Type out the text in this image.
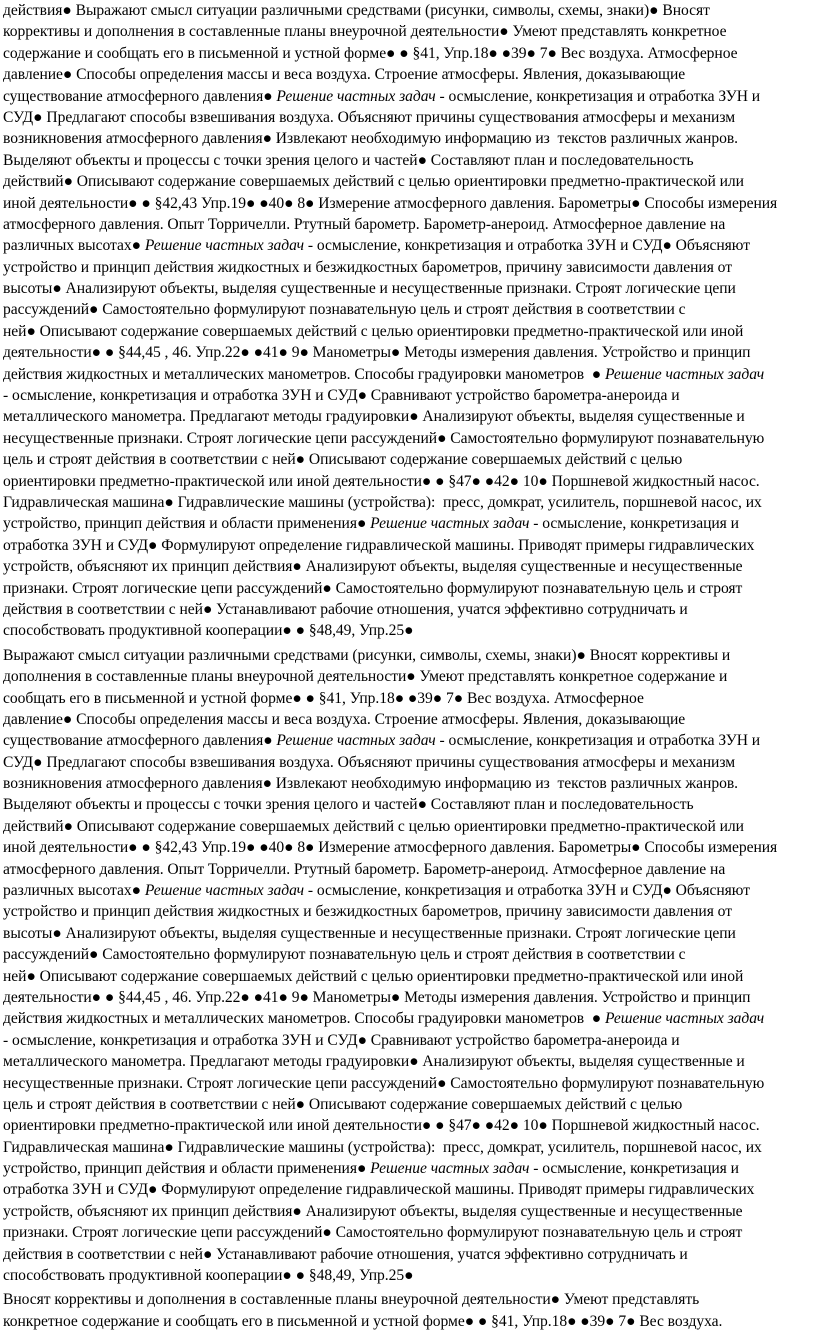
действия● Выражают смысл ситуации различными средствами (рисунки, символы, схемы, знаки)● Вносят
коррективы и дополнения в составленные планы внеурочной деятельности● Умеют представлять конкретное
содержание и сообщать его в письменной и устной форме● ● §41, Упр.18● ●39● 7● Вес воздуха. Атмосферное
давление● Способы определения массы и веса воздуха. Строение атмосферы. Явления, доказывающие
существование атмосферного давления● Решение частных задач - осмысление, конкретизация и отработка ЗУН и
СУД● Предлагают способы взвешивания воздуха. Объясняют причины существования атмосферы и механизм
возникновения атмосферного давления● Извлекают необходимую информацию из  текстов различных жанров.
Выделяют объекты и процессы с точки зрения целого и частей● Составляют план и последовательность
действий● Описывают содержание совершаемых действий с целью ориентировки предметно-практической или
иной деятельности● ● §42,43 Упр.19● ●40● 8● Измерение атмосферного давления. Барометры● Способы измерения
атмосферного давления. Опыт Торричелли. Ртутный барометр. Барометр-анероид. Атмосферное давление на
различных высотах● Решение частных задач - осмысление, конкретизация и отработка ЗУН и СУД● Объясняют
устройство и принцип действия жидкостных и безжидкостных барометров, причину зависимости давления от
высоты● Анализируют объекты, выделяя существенные и несущественные признаки. Строят логические цепи
рассуждений● Самостоятельно формулируют познавательную цель и строят действия в соответствии с
ней● Описывают содержание совершаемых действий с целью ориентировки предметно-практической или иной
деятельности● ● §44,45 , 46. Упр.22● ●41● 9● Манометры● Методы измерения давления. Устройство и принцип
действия жидкостных и металлических манометров. Способы градуировки манометров  ● Решение частных задач
- осмысление, конкретизация и отработка ЗУН и СУД● Сравнивают устройство барометра-анероида и
металлического манометра. Предлагают методы градуировки● Анализируют объекты, выделяя существенные и
несущественные признаки. Строят логические цепи рассуждений● Самостоятельно формулируют познавательную
цель и строят действия в соответствии с ней● Описывают содержание совершаемых действий с целью
ориентировки предметно-практической или иной деятельности● ● §47● ●42● 10● Поршневой жидкостный насос.
Гидравлическая машина● Гидравлические машины (устройства):  пресс, домкрат, усилитель, поршневой насос, их
устройство, принцип действия и области применения● Решение частных задач - осмысление, конкретизация и
отработка ЗУН и СУД● Формулируют определение гидравлической машины. Приводят примеры гидравлических
устройств, объясняют их принцип действия● Анализируют объекты, выделяя существенные и несущественные
признаки. Строят логические цепи рассуждений● Самостоятельно формулируют познавательную цель и строят
действия в соответствии с ней● Устанавливают рабочие отношения, учатся эффективно сотрудничать и
способствовать продуктивной кооперации● ● §48,49, Упр.25●
Выражают смысл ситуации различными средствами (рисунки, символы, схемы, знаки)● Вносят коррективы и
дополнения в составленные планы внеурочной деятельности● Умеют представлять конкретное содержание и
сообщать его в письменной и устной форме● ● §41, Упр.18● ●39● 7● Вес воздуха. Атмосферное
давление● Способы определения массы и веса воздуха. Строение атмосферы. Явления, доказывающие
существование атмосферного давления● Решение частных задач - осмысление, конкретизация и отработка ЗУН и
СУД● Предлагают способы взвешивания воздуха. Объясняют причины существования атмосферы и механизм
возникновения атмосферного давления● Извлекают необходимую информацию из  текстов различных жанров.
Выделяют объекты и процессы с точки зрения целого и частей● Составляют план и последовательность
действий● Описывают содержание совершаемых действий с целью ориентировки предметно-практической или
иной деятельности● ● §42,43 Упр.19● ●40● 8● Измерение атмосферного давления. Барометры● Способы измерения
атмосферного давления. Опыт Торричелли. Ртутный барометр. Барометр-анероид. Атмосферное давление на
различных высотах● Решение частных задач - осмысление, конкретизация и отработка ЗУН и СУД● Объясняют
устройство и принцип действия жидкостных и безжидкостных барометров, причину зависимости давления от
высоты● Анализируют объекты, выделяя существенные и несущественные признаки. Строят логические цепи
рассуждений● Самостоятельно формулируют познавательную цель и строят действия в соответствии с
ней● Описывают содержание совершаемых действий с целью ориентировки предметно-практической или иной
деятельности● ● §44,45 , 46. Упр.22● ●41● 9● Манометры● Методы измерения давления. Устройство и принцип
действия жидкостных и металлических манометров. Способы градуировки манометров  ● Решение частных задач
- осмысление, конкретизация и отработка ЗУН и СУД● Сравнивают устройство барометра-анероида и
металлического манометра. Предлагают методы градуировки● Анализируют объекты, выделяя существенные и
несущественные признаки. Строят логические цепи рассуждений● Самостоятельно формулируют познавательную
цель и строят действия в соответствии с ней● Описывают содержание совершаемых действий с целью
ориентировки предметно-практической или иной деятельности● ● §47● ●42● 10● Поршневой жидкостный насос.
Гидравлическая машина● Гидравлические машины (устройства):  пресс, домкрат, усилитель, поршневой насос, их
устройство, принцип действия и области применения● Решение частных задач - осмысление, конкретизация и
отработка ЗУН и СУД● Формулируют определение гидравлической машины. Приводят примеры гидравлических
устройств, объясняют их принцип действия● Анализируют объекты, выделяя существенные и несущественные
признаки. Строят логические цепи рассуждений● Самостоятельно формулируют познавательную цель и строят
действия в соответствии с ней● Устанавливают рабочие отношения, учатся эффективно сотрудничать и
способствовать продуктивной кооперации● ● §48,49, Упр.25●
Вносят коррективы и дополнения в составленные планы внеурочной деятельности● Умеют представлять
конкретное содержание и сообщать его в письменной и устной форме● ● §41, Упр.18● ●39● 7● Вес воздуха.
